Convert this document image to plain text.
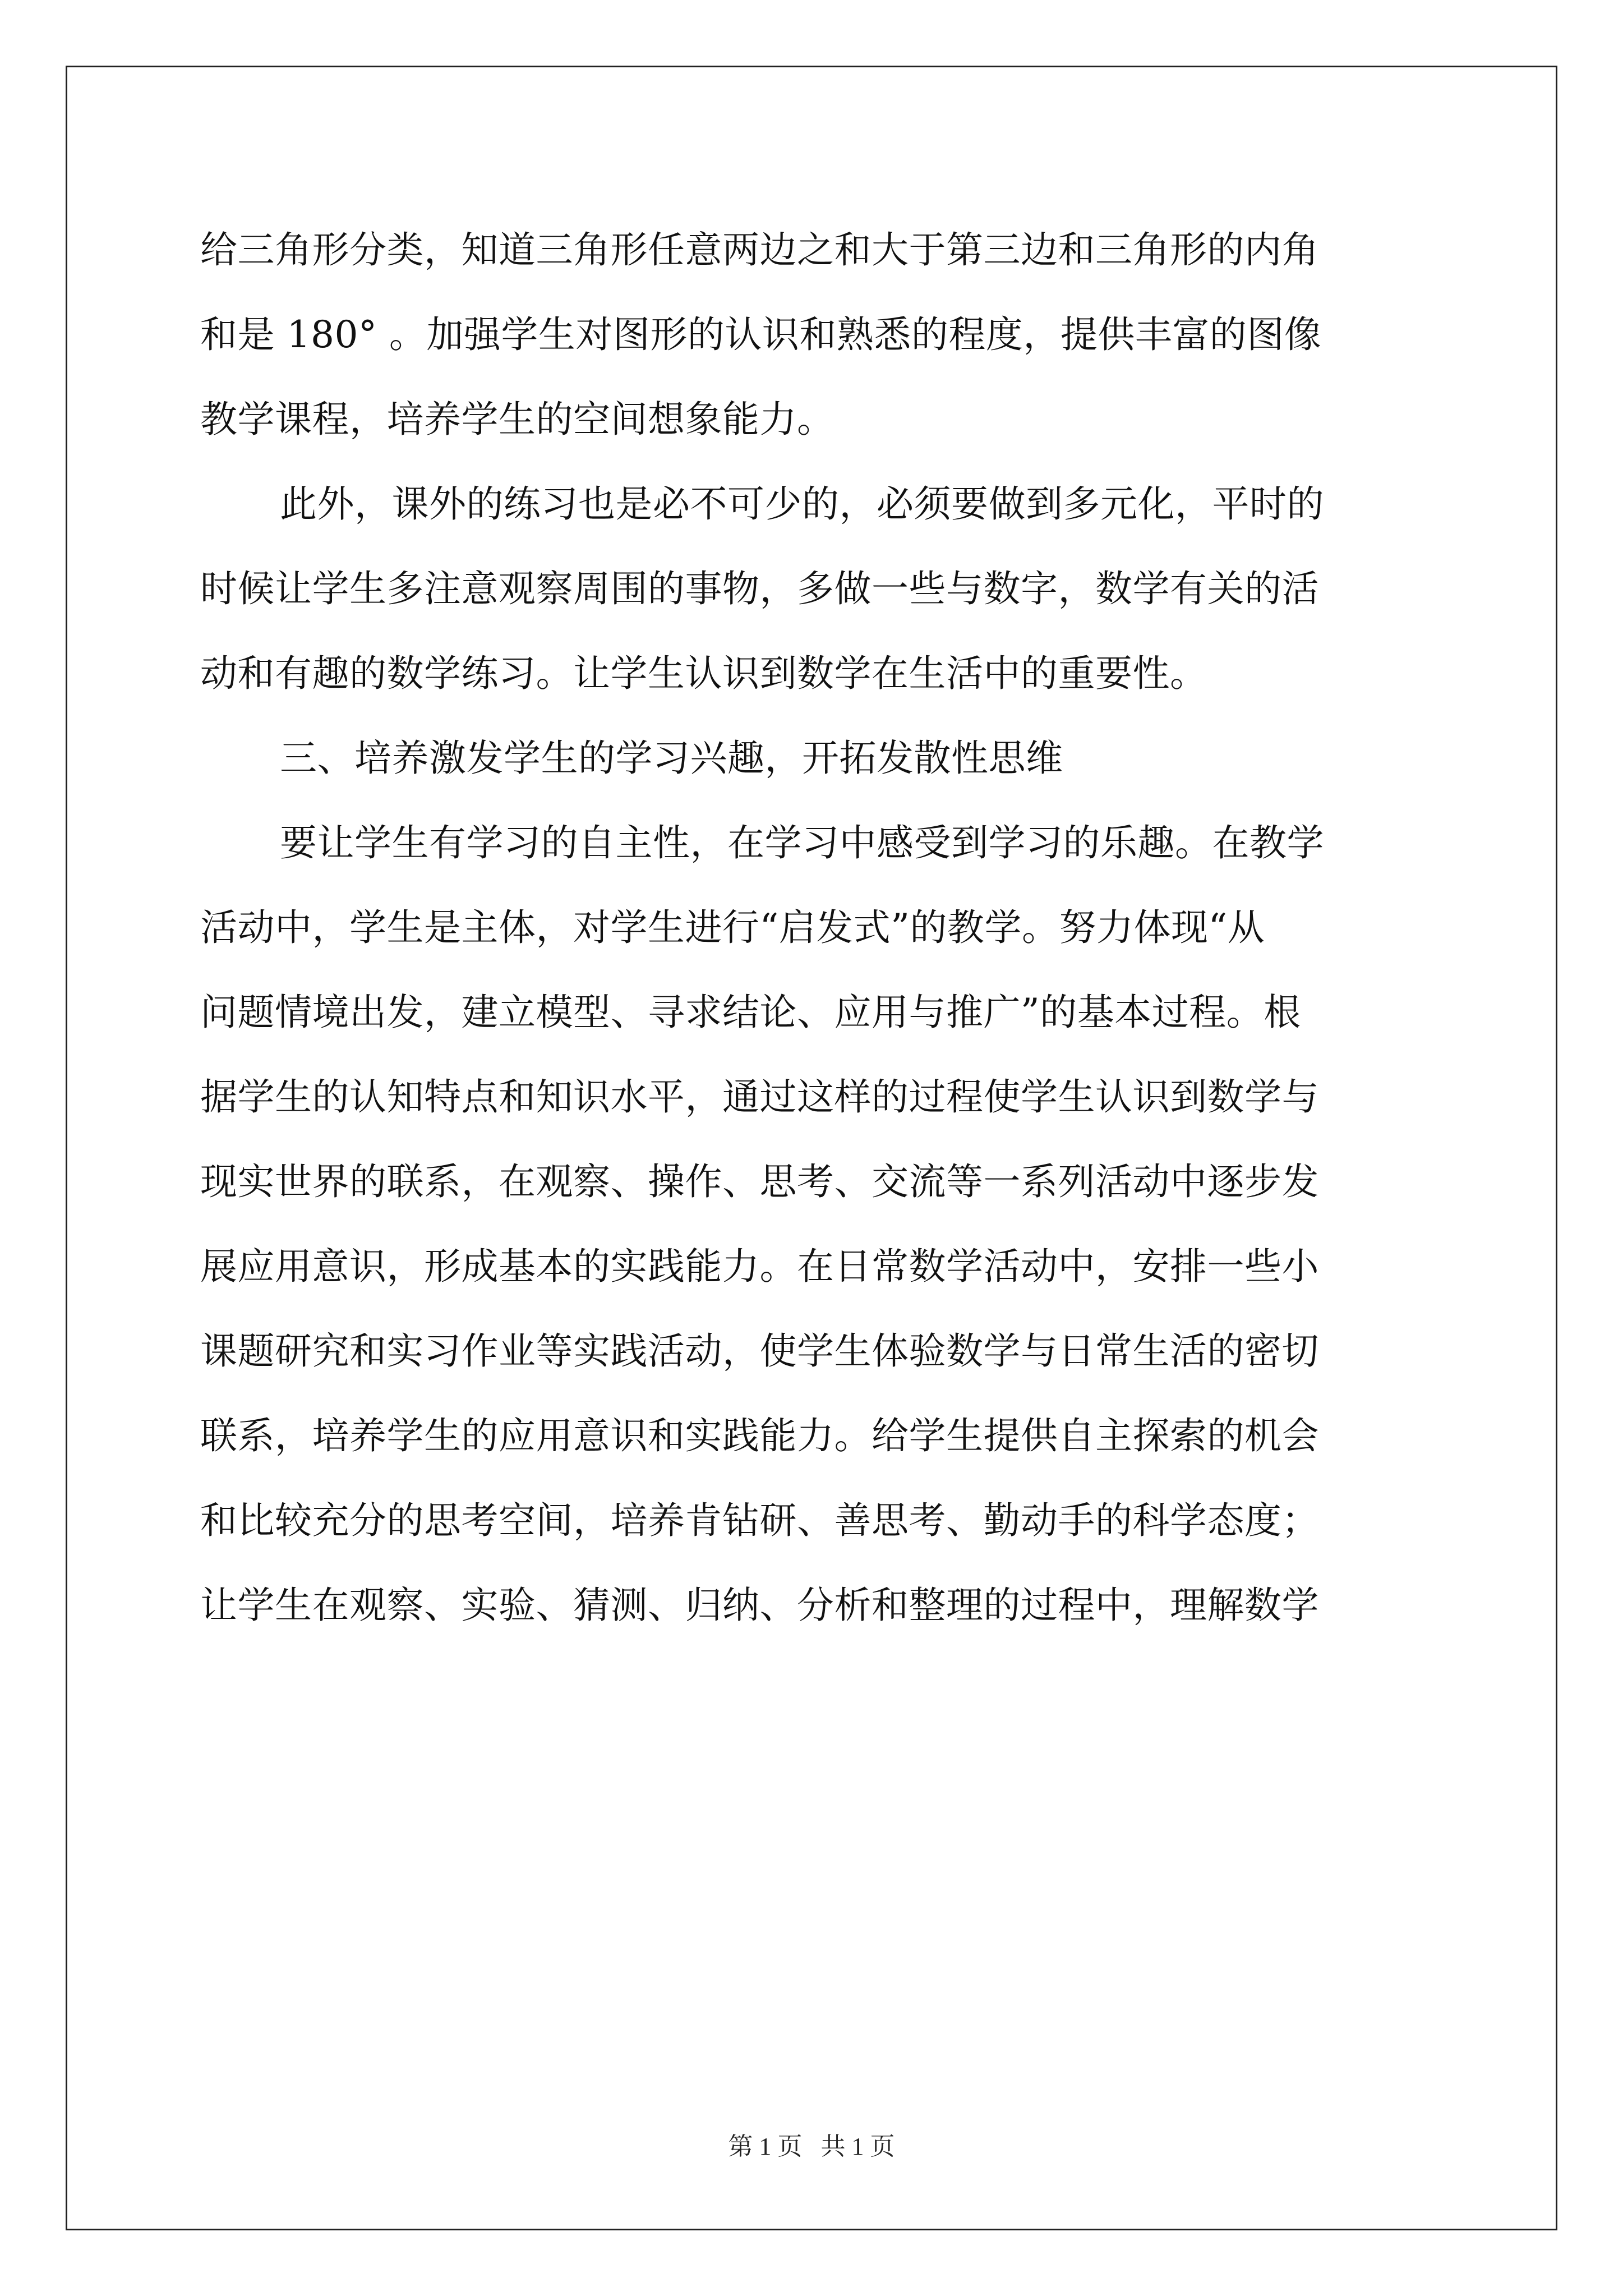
给三角形分类，知道三角形任意两边之和大于第三边和三角形的内角
和是 180° 。加强学生对图形的认识和熟悉的程度，提供丰富的图像
教学课程，培养学生的空间想象能力。
此外，课外的练习也是必不可少的，必须要做到多元化，平时的
时候让学生多注意观察周围的事物，多做一些与数字，数学有关的活
动和有趣的数学练习。让学生认识到数学在生活中的重要性。
三、培养激发学生的学习兴趣，开拓发散性思维
要让学生有学习的自主性，在学习中感受到学习的乐趣。在教学
活动中，学生是主体，对学生进行“启发式”的教学。努力体现“从
问题情境出发，建立模型、寻求结论、应用与推广”的基本过程。根
据学生的认知特点和知识水平，通过这样的过程使学生认识到数学与
现实世界的联系，在观察、操作、思考、交流等一系列活动中逐步发
展应用意识，形成基本的实践能力。在日常数学活动中，安排一些小
课题研究和实习作业等实践活动，使学生体验数学与日常生活的密切
联系，培养学生的应用意识和实践能力。给学生提供自主探索的机会
和比较充分的思考空间，培养肯钻研、善思考、勤动手的科学态度；
让学生在观察、实验、猜测、归纳、分析和整理的过程中，理解数学
第 1 页   共 1 页
